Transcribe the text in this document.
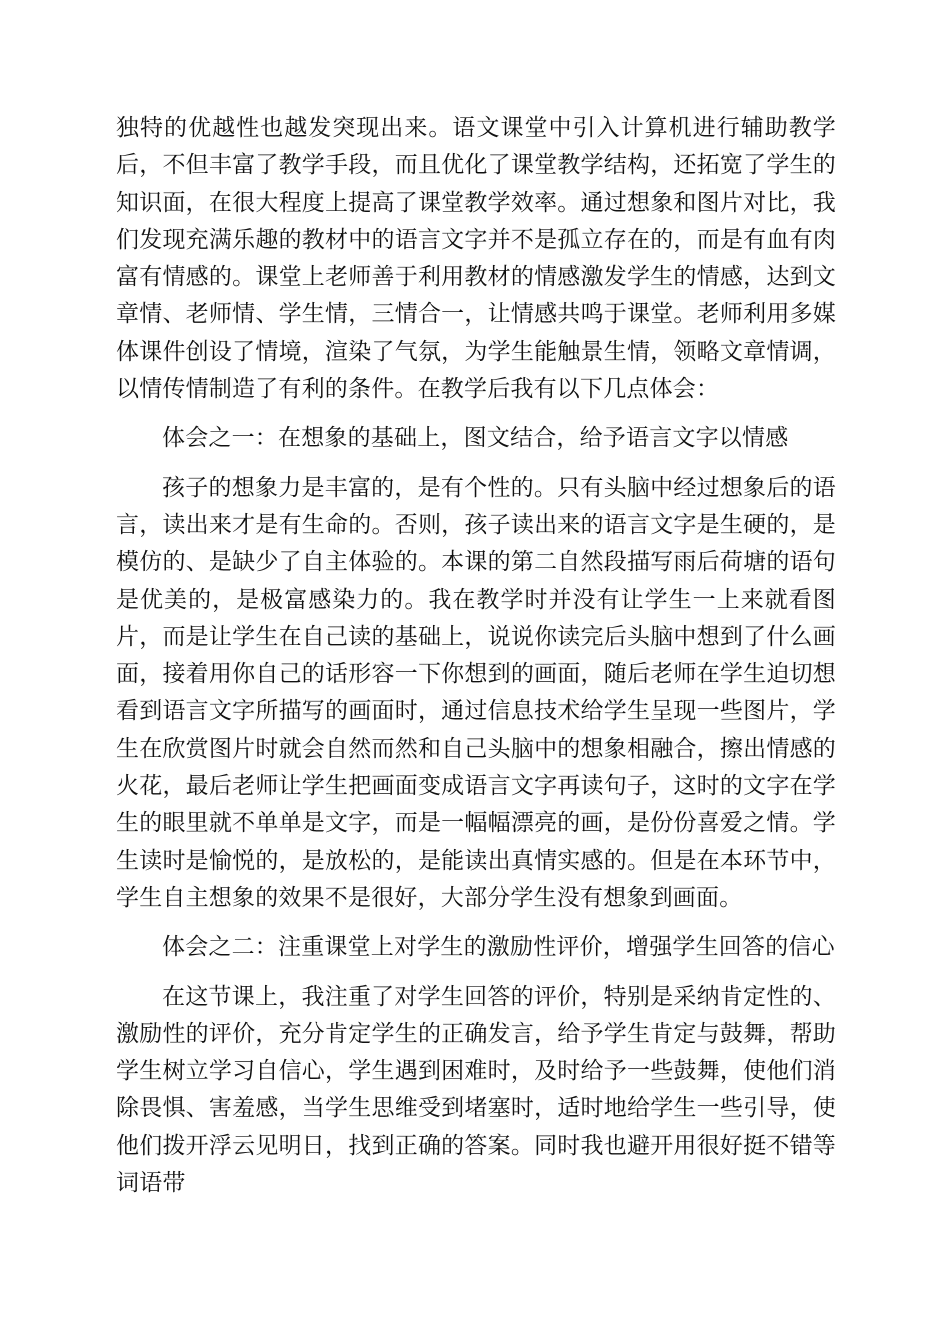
独特的优越性也越发突现出来。语文课堂中引入计算机进行辅助教学后，不但丰富了教学手段，而且优化了课堂教学结构，还拓宽了学生的知识面，在很大程度上提高了课堂教学效率。通过想象和图片对比，我们发现充满乐趣的教材中的语言文字并不是孤立存在的，而是有血有肉富有情感的。课堂上老师善于利用教材的情感激发学生的情感，达到文章情、老师情、学生情，三情合一，让情感共鸣于课堂。老师利用多媒体课件创设了情境，渲染了气氛，为学生能触景生情，领略文章情调，以情传情制造了有利的条件。在教学后我有以下几点体会：

体会之一：在想象的基础上，图文结合，给予语言文字以情感

孩子的想象力是丰富的，是有个性的。只有头脑中经过想象后的语言，读出来才是有生命的。否则，孩子读出来的语言文字是生硬的，是模仿的、是缺少了自主体验的。本课的第二自然段描写雨后荷塘的语句是优美的，是极富感染力的。我在教学时并没有让学生一上来就看图片，而是让学生在自己读的基础上，说说你读完后头脑中想到了什么画面，接着用你自己的话形容一下你想到的画面，随后老师在学生迫切想看到语言文字所描写的画面时，通过信息技术给学生呈现一些图片，学生在欣赏图片时就会自然而然和自己头脑中的想象相融合，擦出情感的火花，最后老师让学生把画面变成语言文字再读句子，这时的文字在学生的眼里就不单单是文字，而是一幅幅漂亮的画，是份份喜爱之情。学生读时是愉悦的，是放松的，是能读出真情实感的。但是在本环节中，学生自主想象的效果不是很好，大部分学生没有想象到画面。

体会之二：注重课堂上对学生的激励性评价，增强学生回答的信心

在这节课上，我注重了对学生回答的评价，特别是采纳肯定性的、激励性的评价，充分肯定学生的正确发言，给予学生肯定与鼓舞，帮助学生树立学习自信心，学生遇到困难时，及时给予一些鼓舞，使他们消除畏惧、害羞感，当学生思维受到堵塞时，适时地给学生一些引导，使他们拨开浮云见明日，找到正确的答案。同时我也避开用很好挺不错等词语带
